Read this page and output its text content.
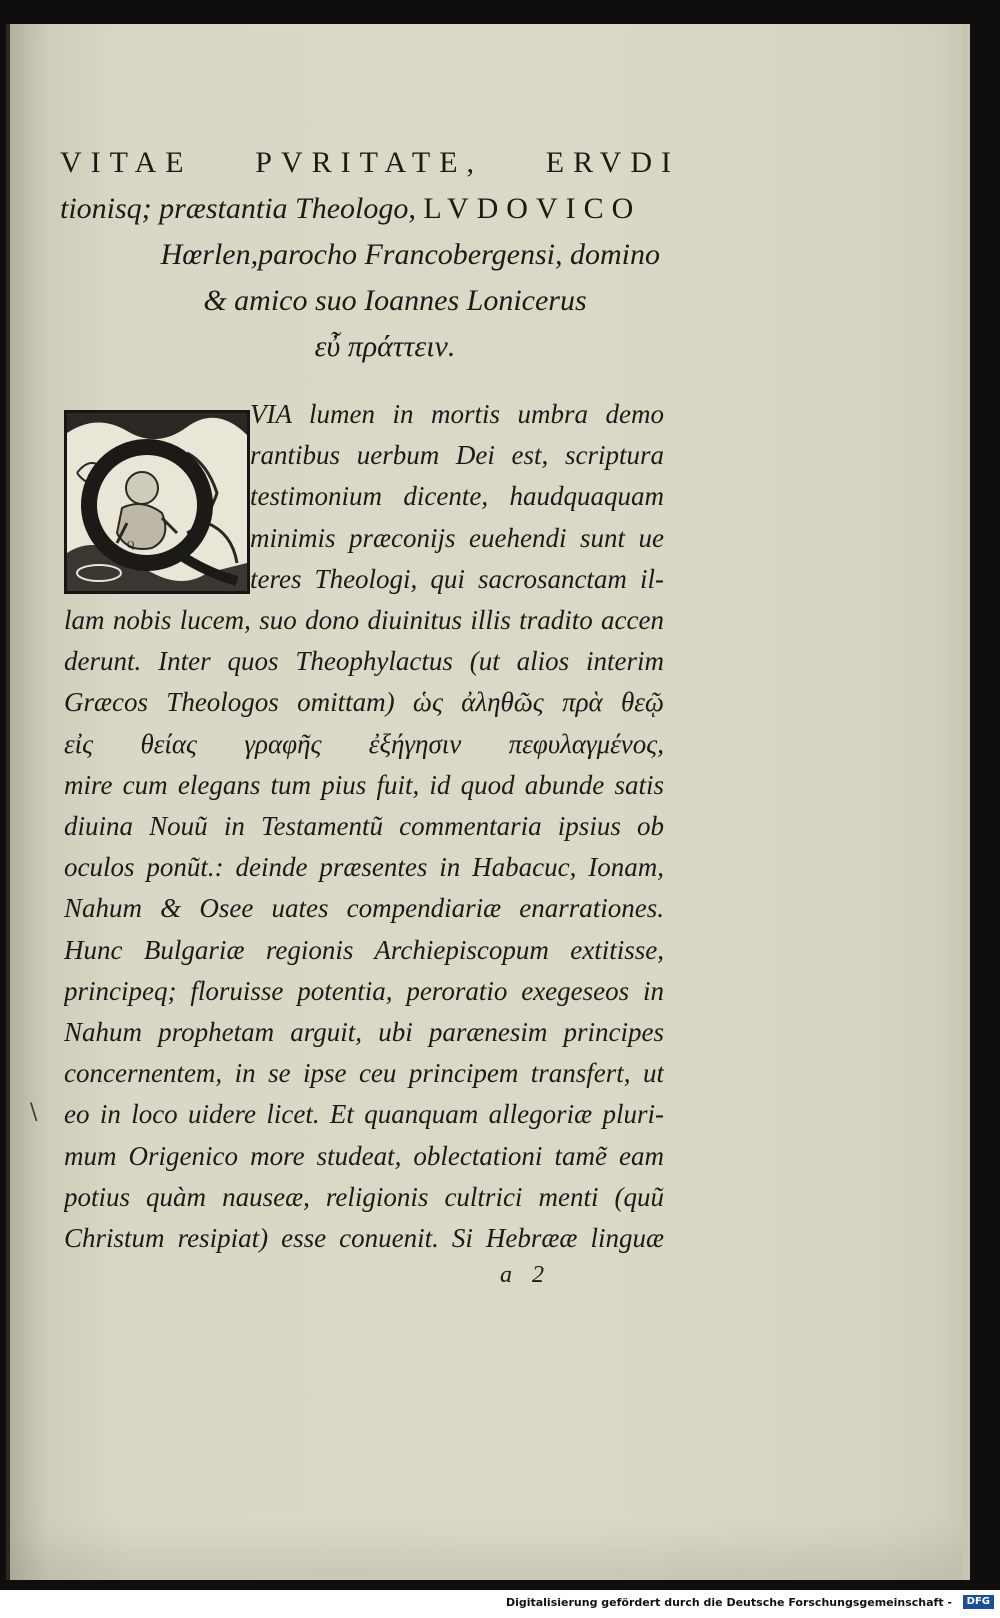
VITAE PVRITATE, ERVDI
tionisq; præstantia Theologo, LVDOVICO
Hœrlen,parocho Francobergensi, domino
& amico suo Ioannes Lonicerus
εὖ πράττειν.
Q
VIA lumen in mortis umbra demo
rantibus uerbum Dei est, scriptura
testimonium dicente, haudquaquam
minimis præconijs euehendi sunt ue
teres Theologi, qui sacrosanctam il-
lam nobis lucem, suo dono diuinitus illis tradito accen
derunt. Inter quos Theophylactus (ut alios interim
Græcos Theologos omittam) ὡς ἀληθῶς πρὰ θεῷ
εἰς θείας γραφῆς ἐξήγησιν πεφυλαγμένος,
mire cum elegans tum pius fuit, id quod abunde satis
diuina Nouũ in Testamentũ commentaria ipsius ob
oculos ponũt.: deinde præsentes in Habacuc, Ionam,
Nahum & Osee uates compendiariæ enarrationes.
Hunc Bulgariæ regionis Archiepiscopum extitisse,
principeq; floruisse potentia, peroratio exegeseos in
Nahum prophetam arguit, ubi parænesim principes
concernentem, in se ipse ceu principem transfert, ut
eo in loco uidere licet. Et quanquam allegoriæ pluri-
mum Origenico more studeat, oblectationi tamẽ eam
potius quàm nauseæ, religionis cultrici menti (quũ
Christum resipiat) esse conuenit. Si Hebrææ linguæ
\
a 2
Digitalisierung gefördert durch die Deutsche Forschungsgemeinschaft -	DFG
